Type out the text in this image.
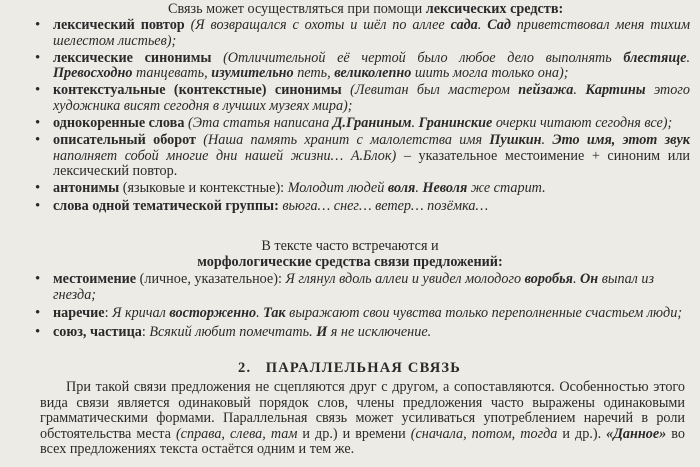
Связь может осуществляться при помощи лексических средств:
• лексический повтор (Я возвращался с охоты и шёл по аллее сада. Сад приветствовал меня тихим шелестом листьев);
• лексические синонимы (Отличительной её чертой было любое дело выполнять блестяще. Превосходно танцевать, изумительно петь, великолепно шить могла только она);
• контекстуальные (контекстные) синонимы (Левитан был мастером пейзажа. Картины этого художника висят сегодня в лучших музеях мира);
• однокоренные слова (Эта статья написана Д.Граниным. Гранинские очерки читают сегодня все);
• описательный оборот (Наша память хранит с малолетства имя Пушкин. Это имя, этот звук наполняет собой многие дни нашей жизни… А.Блок) – указательное местоимение + синоним или лексический повтор.
• антонимы (языковые и контекстные): Молодит людей воля. Неволя же старит.
• слова одной тематической группы: вьюга… снег… ветер… позёмка…
В тексте часто встречаются и
морфологические средства связи предложений:
• местоимение (личное, указательное): Я глянул вдоль аллеи и увидел молодого воробья. Он выпал из гнезда;
• наречие: Я кричал восторженно. Так выражают свои чувства только переполненные счастьем люди;
• союз, частица: Всякий любит помечтать. И я не исключение.
2. ПАРАЛЛЕЛЬНАЯ СВЯЗЬ
При такой связи предложения не сцепляются друг с другом, а сопоставляются. Особенностью этого вида связи является одинаковый порядок слов, члены предложения часто выражены одинаковыми грамматическими формами. Параллельная связь может усиливаться употреблением наречий в роли обстоятельства места (справа, слева, там и др.) и времени (сначала, потом, тогда и др.). «Данное» во всех предложениях текста остаётся одним и тем же.
